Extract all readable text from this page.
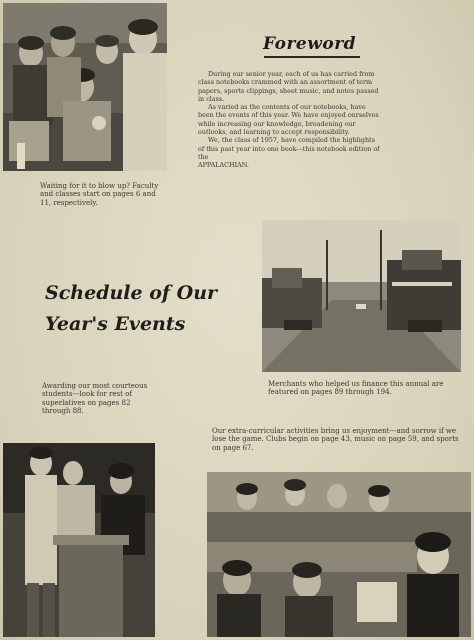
Waiting for it to blow up? Faculty and classes start on pages 6 and 11, respectively.
Foreword

During our senior year, each of us has carried from class notebooks crammed with an assortment of term papers, sports clippings, sheet music, and notes passed in class.

As varied as the contents of our notebooks, have been the events of this year. We have enjoyed ourselves while increasing our knowledge, broadening our outlooks, and learning to accept responsibility.

We, the class of 1957, have compiled the highlights of this past year into one book---this notebook edition of the

APPALACHIAN.

Schedule of Our
Year's Events
Merchants who helped us finance this annual are featured on pages 89 through 194.
Awarding our most courteous students---look for rest of superlatives on pages 82 through 88.
Our extra-curricular activities bring us enjoyment---and sorrow if we lose the game. Clubs begin on page 43, music on page 59, and sports on page 67.
